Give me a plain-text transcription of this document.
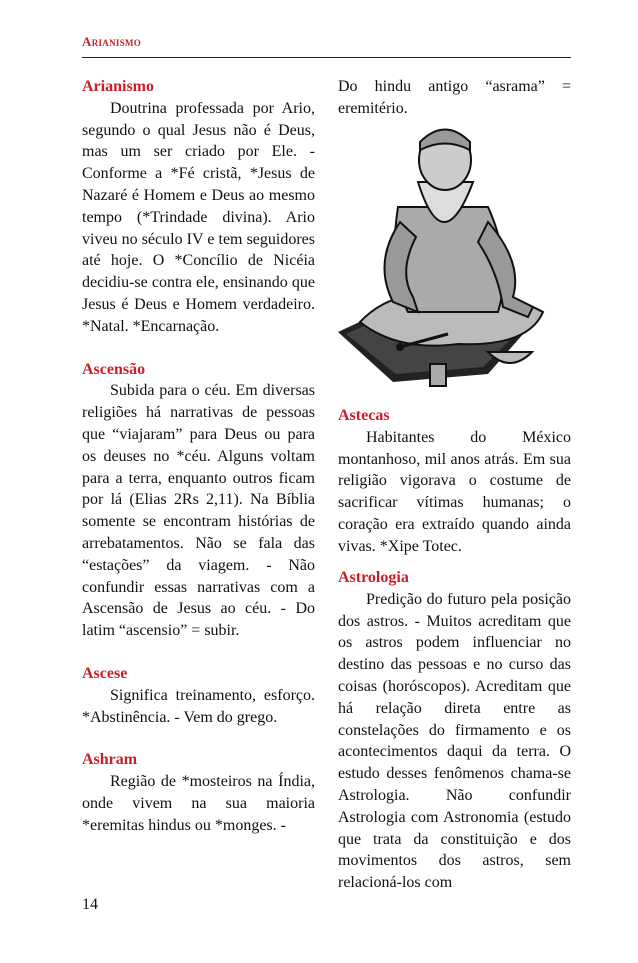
Arianismo

Arianismo

Doutrina professada por Ario, segundo o qual Jesus não é Deus, mas um ser criado por Ele. - Conforme a *Fé cristã, *Jesus de Nazaré é Homem e Deus ao mesmo tempo (*Trindade divina). Ario viveu no século IV e tem seguidores até hoje. O *Concílio de Nicéia decidiu-se contra ele, ensinando que Jesus é Deus e Homem verdadeiro. *Natal. *Encarnação.

Ascensão

Subida para o céu. Em diversas religiões há narrativas de pessoas que “viajaram” para Deus ou para os deuses no *céu. Alguns voltam para a terra, enquanto outros ficam por lá (Elias 2Rs 2,11). Na Bíblia somente se encontram histórias de arrebatamentos. Não se fala das “estações” da viagem. - Não confundir essas narrativas com a Ascensão de Jesus ao céu. - Do latim “ascensio” = subir.

Ascese

Significa treinamento, esforço. *Abstinência. - Vem do grego.

Ashram

Região de *mosteiros na Índia, onde vivem na sua maioria *eremitas hindus ou *monges. -

Do hindu antigo “asrama” = eremitério.

Astecas

Habitantes do México montanhoso, mil anos atrás. Em sua religião vigorava o costume de sacrificar vítimas humanas; o coração era extraído quando ainda vivas. *Xipe Totec.

Astrologia

Predição do futuro pela posição dos astros. - Muitos acreditam que os astros podem influenciar no destino das pessoas e no curso das coisas (horóscopos). Acreditam que há relação direta entre as constelações do firmamento e os acontecimentos daqui da terra. O estudo desses fenômenos chama-se Astrologia. Não confundir Astrologia com Astronomia (estudo que trata da constituição e dos movimentos dos astros, sem relacioná-los com

14
